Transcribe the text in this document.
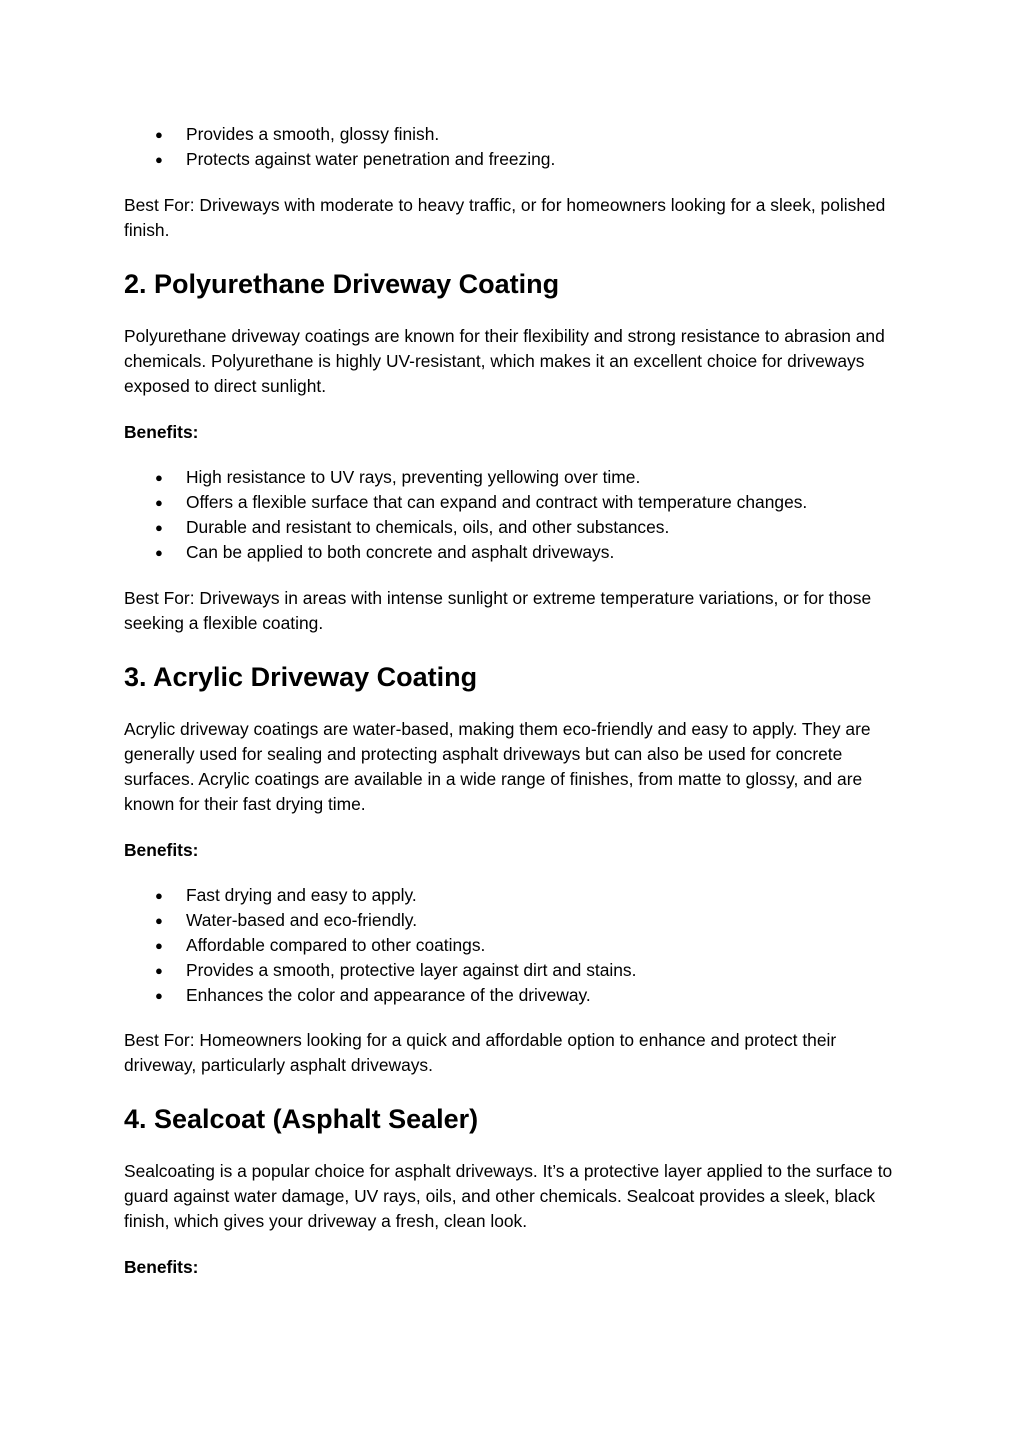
● Provides a smooth, glossy finish.
● Protects against water penetration and freezing.

Best For: Driveways with moderate to heavy traffic, or for homeowners looking for a sleek, polished finish.

2. Polyurethane Driveway Coating

Polyurethane driveway coatings are known for their flexibility and strong resistance to abrasion and chemicals. Polyurethane is highly UV-resistant, which makes it an excellent choice for driveways exposed to direct sunlight.

Benefits:

● High resistance to UV rays, preventing yellowing over time.
● Offers a flexible surface that can expand and contract with temperature changes.
● Durable and resistant to chemicals, oils, and other substances.
● Can be applied to both concrete and asphalt driveways.

Best For: Driveways in areas with intense sunlight or extreme temperature variations, or for those seeking a flexible coating.

3. Acrylic Driveway Coating

Acrylic driveway coatings are water-based, making them eco-friendly and easy to apply. They are generally used for sealing and protecting asphalt driveways but can also be used for concrete surfaces. Acrylic coatings are available in a wide range of finishes, from matte to glossy, and are known for their fast drying time.

Benefits:

● Fast drying and easy to apply.
● Water-based and eco-friendly.
● Affordable compared to other coatings.
● Provides a smooth, protective layer against dirt and stains.
● Enhances the color and appearance of the driveway.

Best For: Homeowners looking for a quick and affordable option to enhance and protect their driveway, particularly asphalt driveways.

4. Sealcoat (Asphalt Sealer)

Sealcoating is a popular choice for asphalt driveways. It’s a protective layer applied to the surface to guard against water damage, UV rays, oils, and other chemicals. Sealcoat provides a sleek, black finish, which gives your driveway a fresh, clean look.

Benefits:
